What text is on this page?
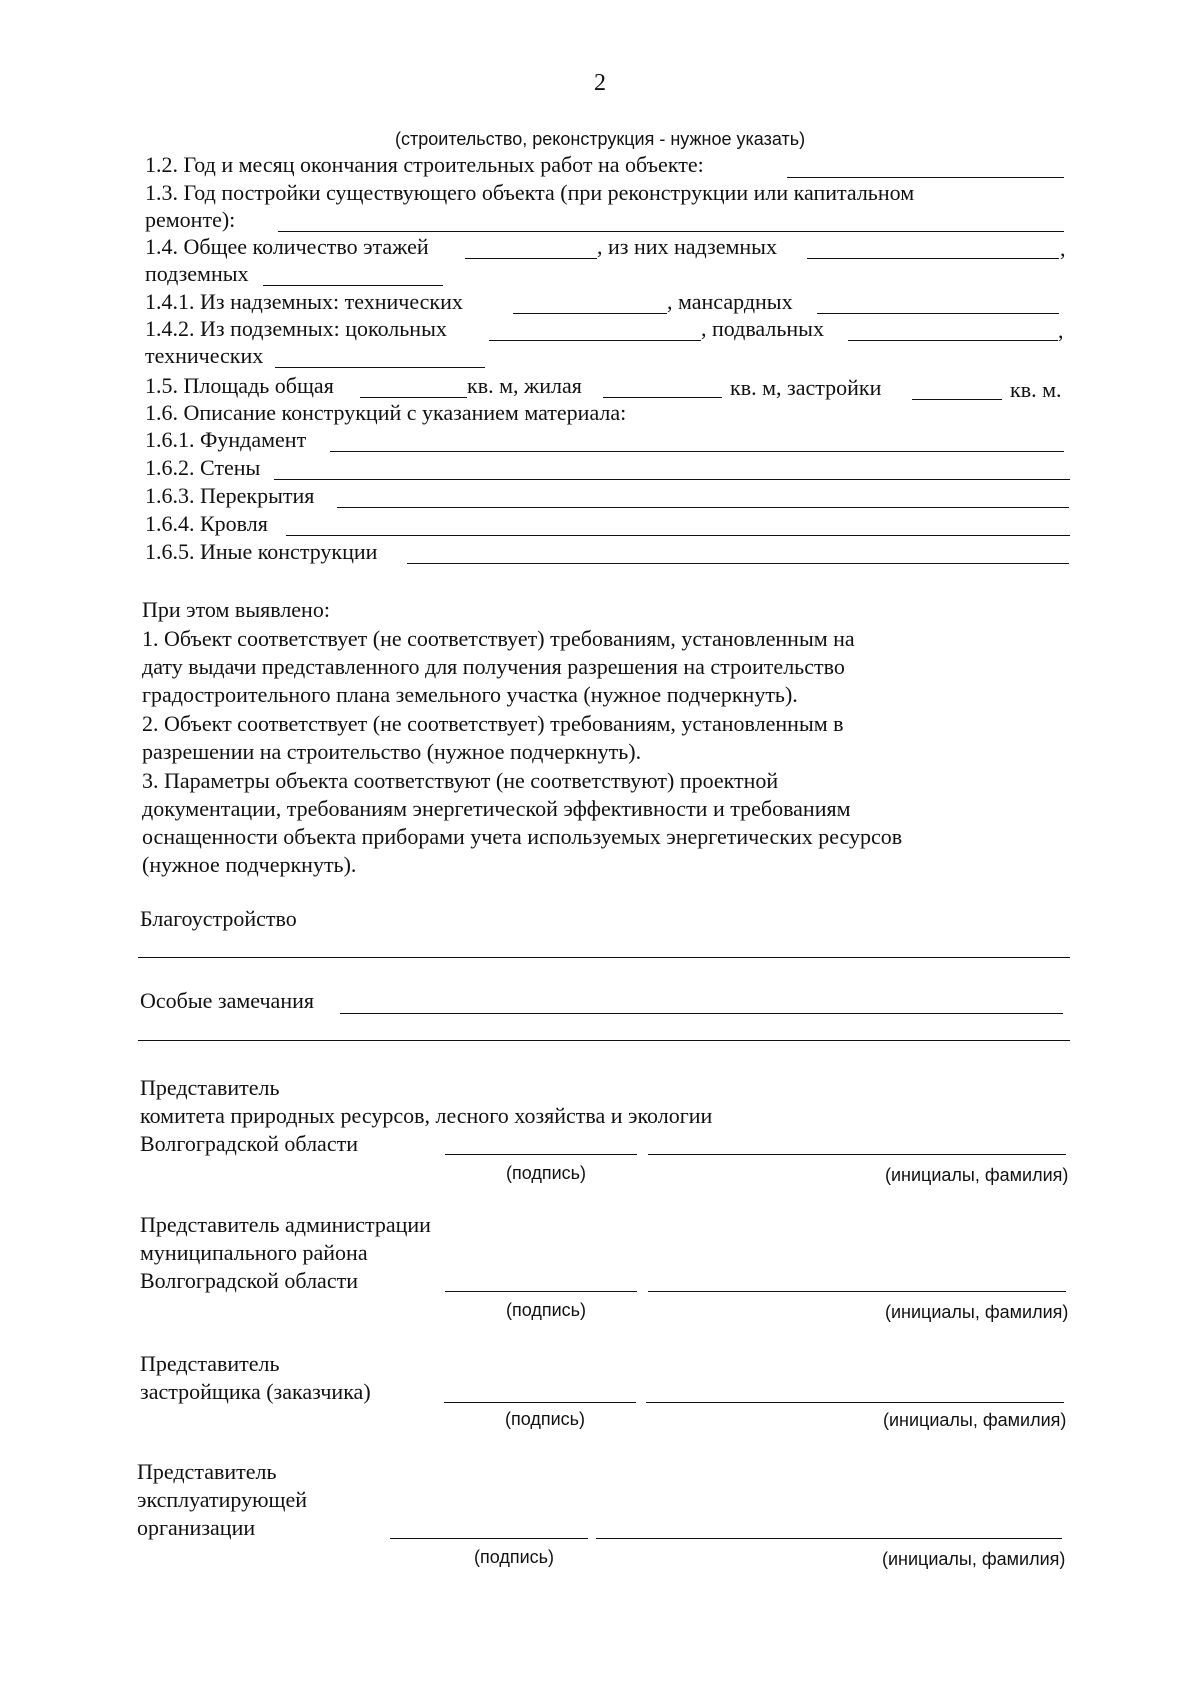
2
(строительство, реконструкция - нужное указать)
1.2. Год и месяц окончания строительных работ на объекте:
1.3. Год постройки существующего объекта (при реконструкции или капитальном
ремонте):
1.4. Общее количество этажей	, из них надземных	,
подземных
1.4.1. Из надземных: технических	, мансардных
1.4.2. Из подземных: цокольных	, подвальных	,
технических
1.5. Площадь общая	кв. м, жилая	кв. м, застройки	кв. м.
1.6. Описание конструкций с указанием материала:
1.6.1. Фундамент
1.6.2. Стены
1.6.3. Перекрытия
1.6.4. Кровля
1.6.5. Иные конструкции
При этом выявлено:
1. Объект соответствует (не соответствует) требованиям, установленным на
дату выдачи представленного для получения разрешения на строительство
градостроительного плана земельного участка (нужное подчеркнуть).
2. Объект соответствует (не соответствует) требованиям, установленным в
разрешении на строительство (нужное подчеркнуть).
3. Параметры объекта соответствуют (не соответствуют) проектной
документации, требованиям энергетической эффективности и требованиям
оснащенности объекта приборами учета используемых энергетических ресурсов
(нужное подчеркнуть).
Благоустройство
Особые замечания
Представитель
комитета природных ресурсов, лесного хозяйства и экологии
Волгоградской области
(подпись)	(инициалы, фамилия)
Представитель администрации
муниципального района
Волгоградской области
(подпись)	(инициалы, фамилия)
Представитель
застройщика (заказчика)
(подпись)	(инициалы, фамилия)
Представитель
эксплуатирующей
организации
(подпись)	(инициалы, фамилия)
